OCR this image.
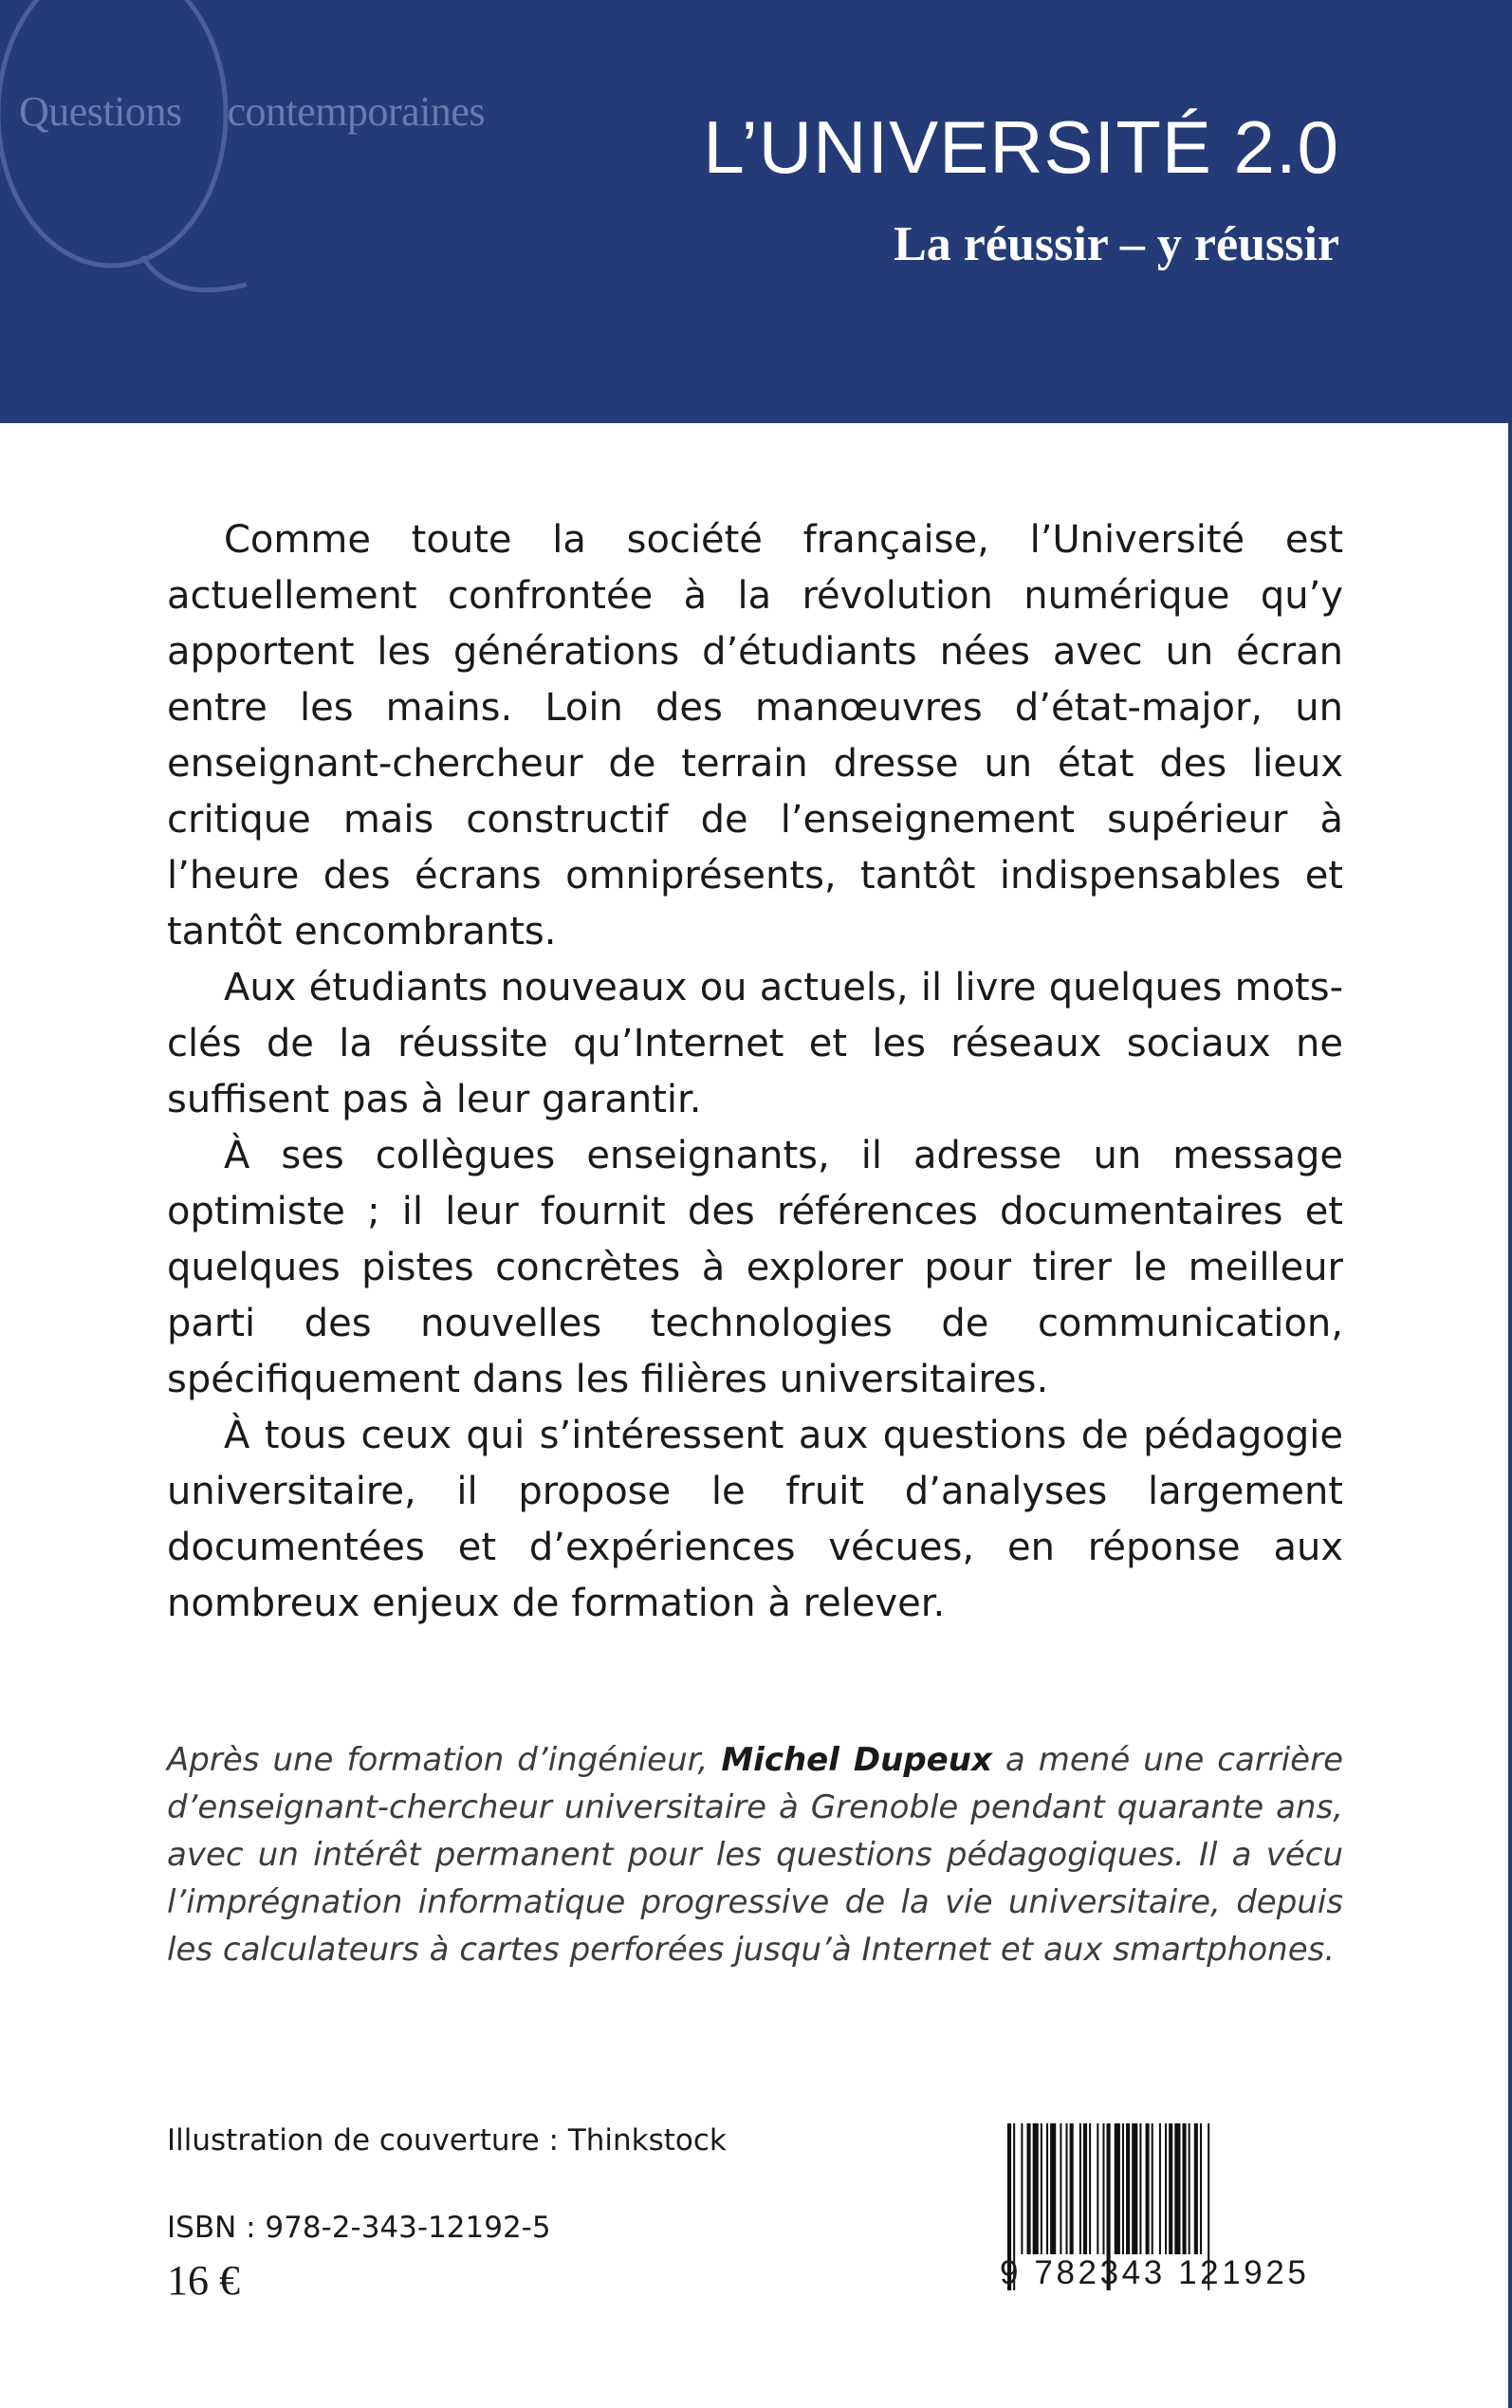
Questions contemporaines	L’UNIVERSITÉ 2.0
La réussir – y réussir

Comme toute la société française, l’Université est actuellement confrontée à la révolution numérique qu’y apportent les générations d’étudiants nées avec un écran entre les mains. Loin des manœuvres d’état-major, un enseignant-chercheur de terrain dresse un état des lieux critique mais constructif de l’enseignement supérieur à l’heure des écrans omniprésents, tantôt indispensables et tantôt encombrants.

Aux étudiants nouveaux ou actuels, il livre quelques mots-clés de la réussite qu’Internet et les réseaux sociaux ne suffisent pas à leur garantir.

À ses collègues enseignants, il adresse un message optimiste ; il leur fournit des références documentaires et quelques pistes concrètes à explorer pour tirer le meilleur parti des nouvelles technologies de communication, spécifiquement dans les filières universitaires.

À tous ceux qui s’intéressent aux questions de pédagogie universitaire, il propose le fruit d’analyses largement documentées et d’expériences vécues, en réponse aux nombreux enjeux de formation à relever.

Après une formation d’ingénieur, Michel Dupeux a mené une carrière d’enseignant-chercheur universitaire à Grenoble pendant quarante ans, avec un intérêt permanent pour les questions pédagogiques. Il a vécu l’imprégnation informatique progressive de la vie universitaire, depuis les calculateurs à cartes perforées jusqu’à Internet et aux smartphones.

Illustration de couverture : Thinkstock
ISBN : 978-2-343-12192-5
16 €	9 782343 121925
